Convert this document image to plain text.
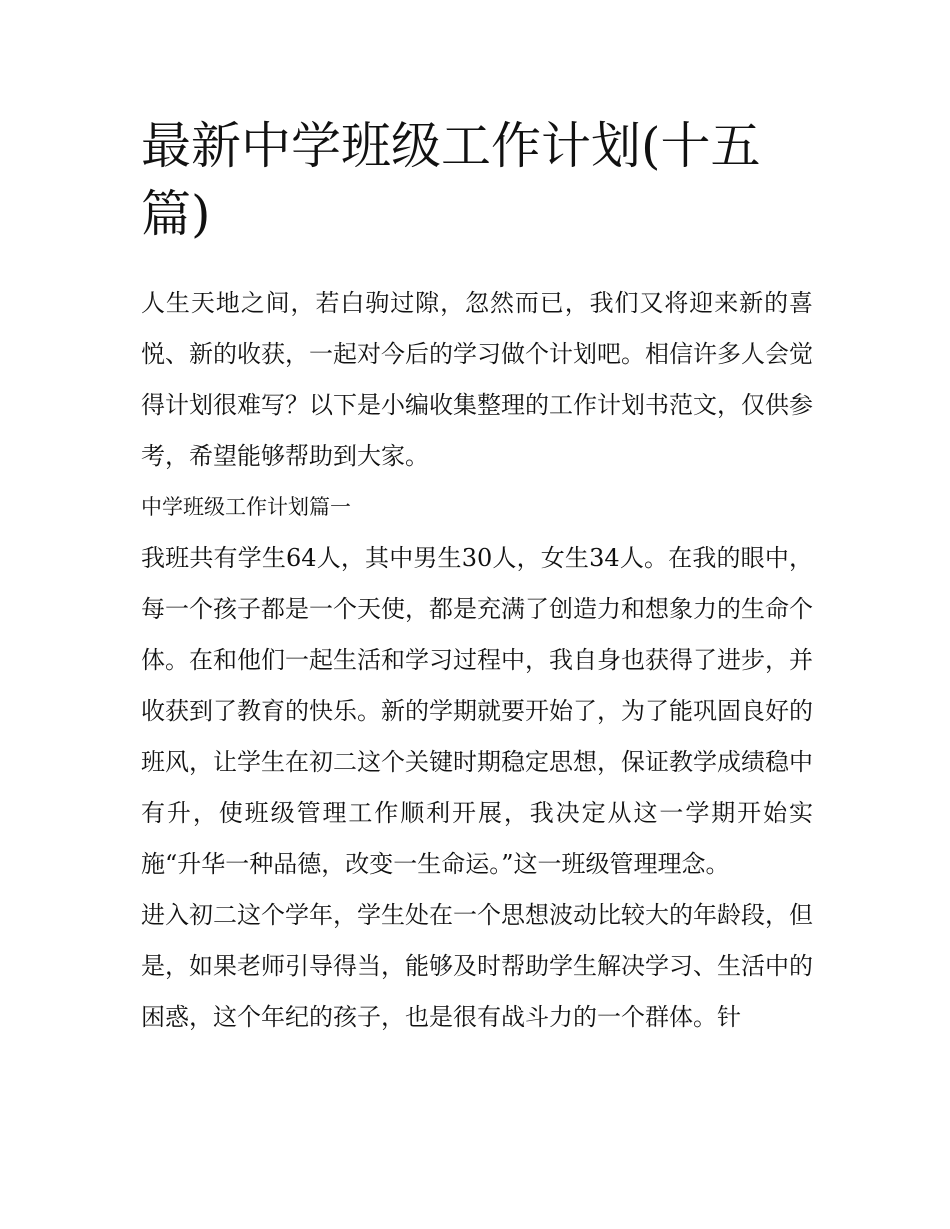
最新中学班级工作计划(十五篇)

人生天地之间，若白驹过隙，忽然而已，我们又将迎来新的喜悦、新的收获，一起对今后的学习做个计划吧。相信许多人会觉得计划很难写？以下是小编收集整理的工作计划书范文，仅供参考，希望能够帮助到大家。

中学班级工作计划篇一

我班共有学生64人，其中男生30人，女生34人。在我的眼中，每一个孩子都是一个天使，都是充满了创造力和想象力的生命个体。在和他们一起生活和学习过程中，我自身也获得了进步，并收获到了教育的快乐。新的学期就要开始了，为了能巩固良好的班风，让学生在初二这个关键时期稳定思想，保证教学成绩稳中有升，使班级管理工作顺利开展，我决定从这一学期开始实施“升华一种品德，改变一生命运。”这一班级管理理念。

进入初二这个学年，学生处在一个思想波动比较大的年龄段，但是，如果老师引导得当，能够及时帮助学生解决学习、生活中的困惑，这个年纪的孩子，也是很有战斗力的一个群体。针
